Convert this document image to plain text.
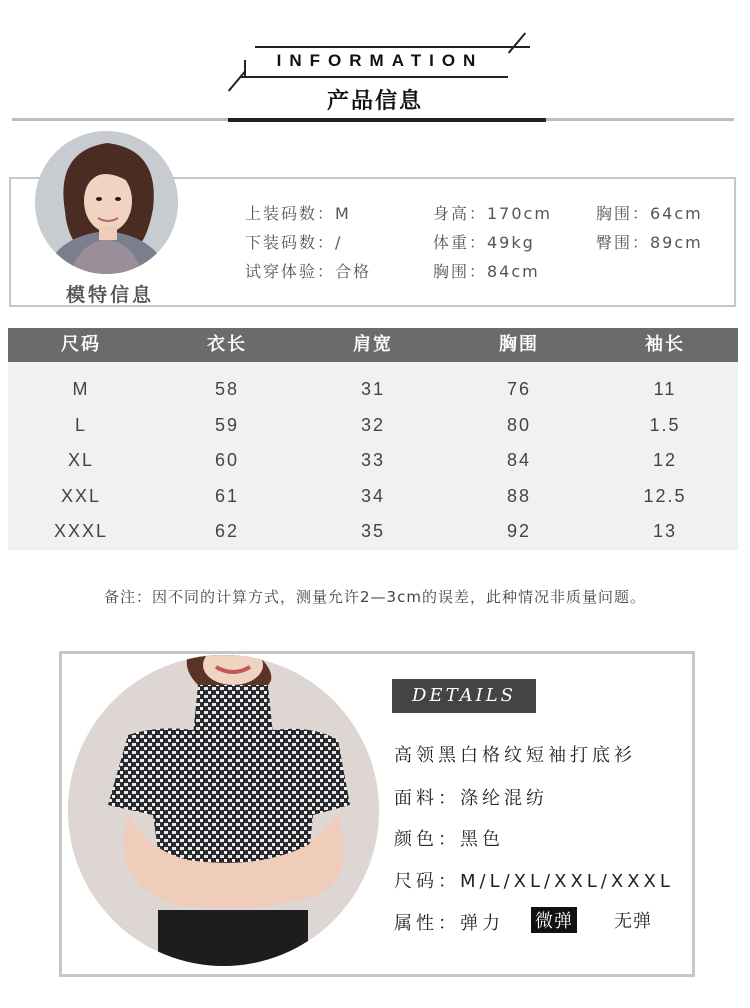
INFORMATION
产品信息
模特信息
上装码数：M
下装码数：/
试穿体验：合格
身高：170cm
体重：49kg
胸围：84cm
胸围：64cm
臀围：89cm
尺码	衣长	肩宽	胸围	袖长
M	58	31	76	11
L	59	32	80	1.5
XL	60	33	84	12
XXL	61	34	88	12.5
XXXL	62	35	92	13
备注：因不同的计算方式，测量允许2—3cm的误差，此种情况非质量问题。
DETAILS
高领黑白格纹短袖打底衫
面料：涤纶混纺
颜色：黑色
尺码：M/L/XL/XXL/XXXL
属性：弹力 微弹 无弹
